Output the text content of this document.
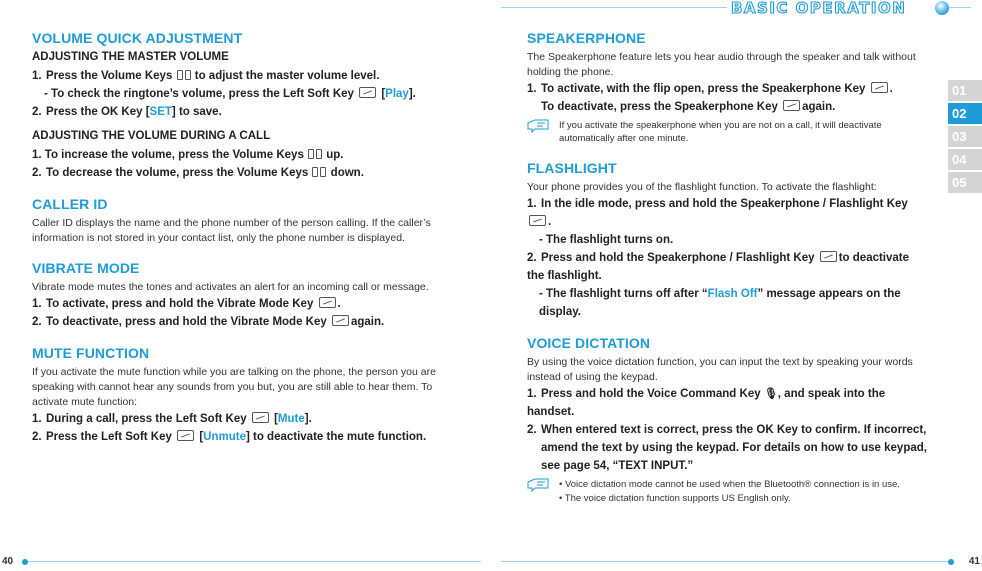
VOLUME QUICK ADJUSTMENT
ADJUSTING THE MASTER VOLUME
1. Press the Volume Keys to adjust the master volume level.
- To check the ringtone’s volume, press the Left Soft Key [Play].
2. Press the OK Key [SET] to save.
ADJUSTING THE VOLUME DURING A CALL
1. To increase the volume, press the Volume Keys up.
2. To decrease the volume, press the Volume Keys down.
CALLER ID

Caller ID displays the name and the phone number of the person calling. If the caller’s information is not stored in your contact list, only the phone number is displayed.

VIBRATE MODE

Vibrate mode mutes the tones and activates an alert for an incoming call or message.

1. To activate, press and hold the Vibrate Mode Key .
2. To deactivate, press and hold the Vibrate Mode Key again.
MUTE FUNCTION

If you activate the mute function while you are talking on the phone, the person you are speaking with cannot hear any sounds from you but, you are still able to hear them. To activate mute function:

1. During a call, press the Left Soft Key [Mute].
2. Press the Left Soft Key [Unmute] to deactivate the mute function.
40
BASIC OPERATION
01
02
03
04
05
SPEAKERPHONE

The Speakerphone feature lets you hear audio through the speaker and talk without holding the phone.

1. To activate, with the flip open, press the Speakerphone Key .
To deactivate, press the Speakerphone Key again.
If you activate the speakerphone when you are not on a call, it will deactivate automatically after one minute.
FLASHLIGHT

Your phone provides you of the flashlight function. To activate the flashlight:

1. In the idle mode, press and hold the Speakerphone / Flashlight Key .
- The flashlight turns on.
2. Press and hold the Speakerphone / Flashlight Key to deactivate the flashlight.
- The flashlight turns off after “Flash Off” message appears on the display.
VOICE DICTATION

By using the voice dictation function, you can input the text by speaking your words instead of using the keypad.

1. Press and hold the Voice Command Key 🎙, and speak into the handset.
2. When entered text is correct, press the OK Key to confirm. If incorrect, amend the text by using the keypad. For details on how to use keypad, see page 54, “TEXT INPUT.”
• Voice dictation mode cannot be used when the Bluetooth® connection is in use.
• The voice dictation function supports US English only.
41
